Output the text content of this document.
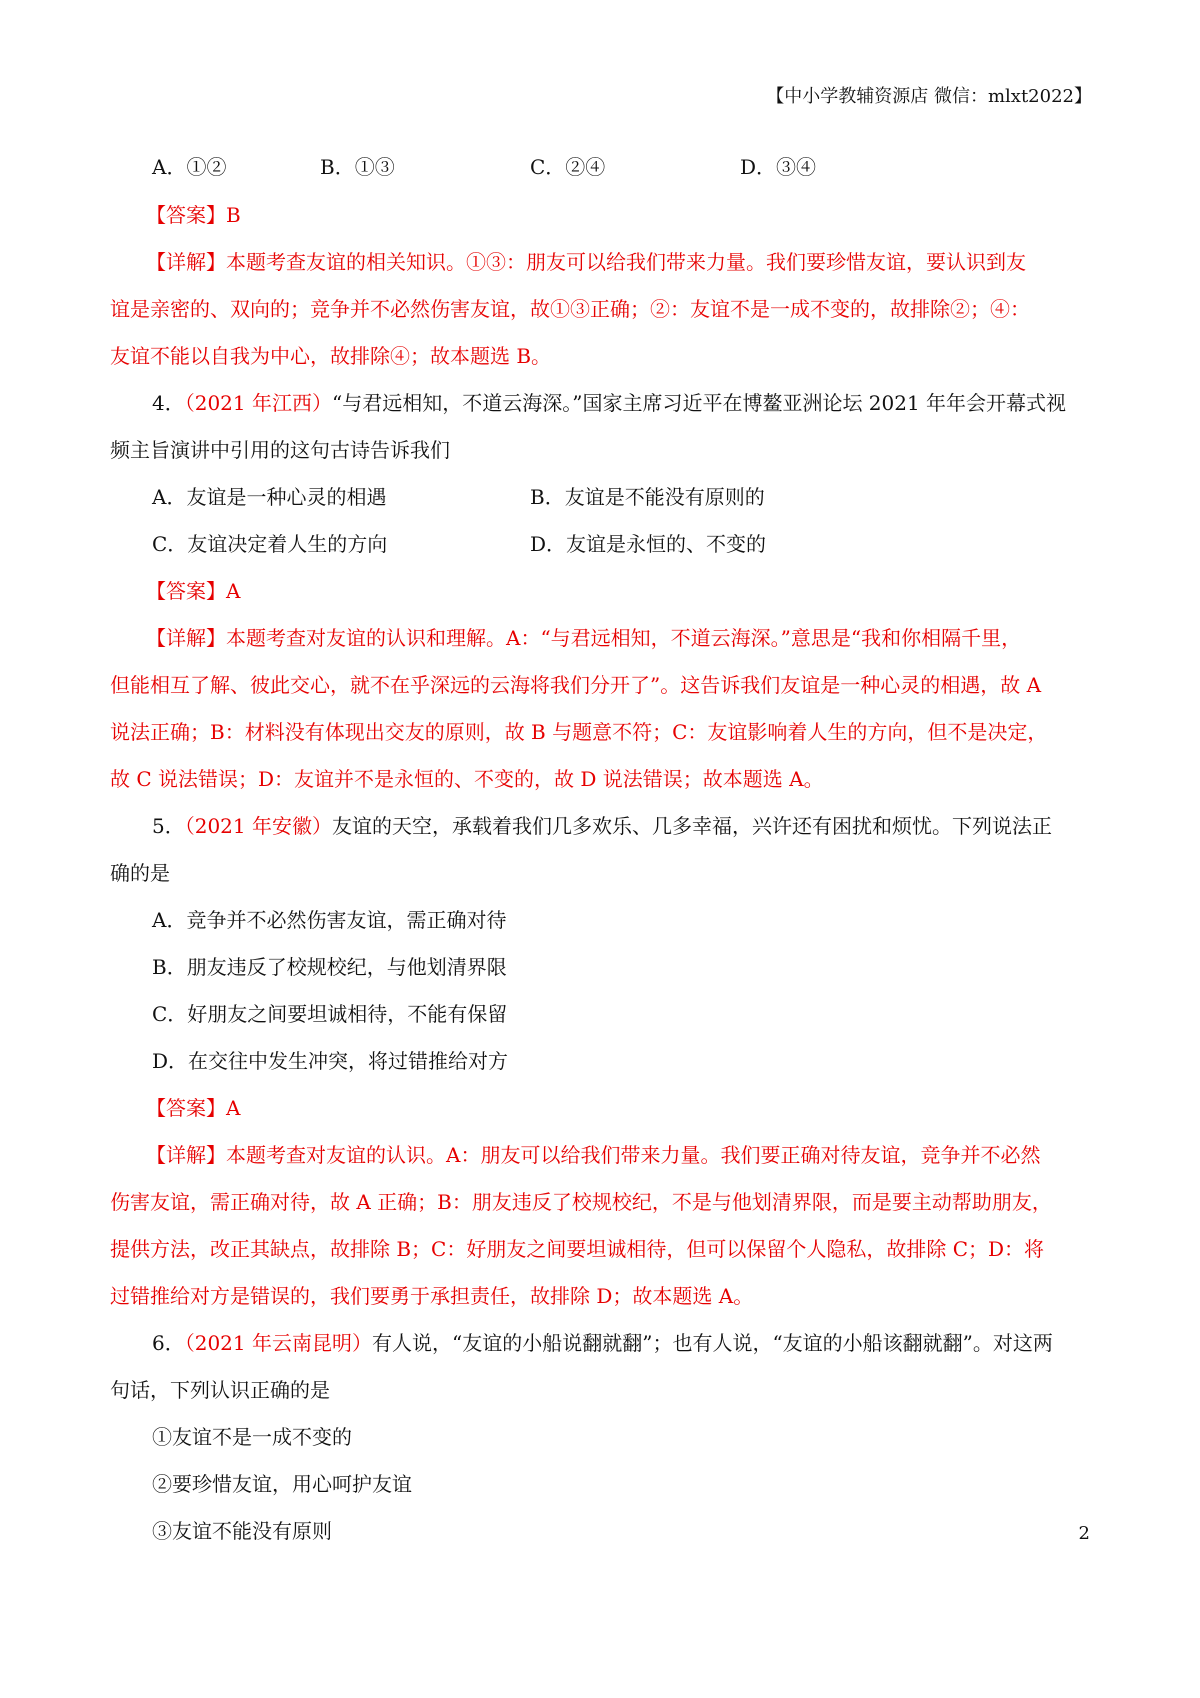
【中小学教辅资源店 微信：mlxt2022】
A．①②	B．①③	C．②④	D．③④
【答案】B
【详解】本题考查友谊的相关知识。①③：朋友可以给我们带来力量。我们要珍惜友谊，要认识到友
谊是亲密的、双向的；竞争并不必然伤害友谊，故①③正确；②：友谊不是一成不变的，故排除②；④：
友谊不能以自我为中心，故排除④；故本题选 B。
4．（2021 年江西）“与君远相知，不道云海深。”国家主席习近平在博鳌亚洲论坛 2021 年年会开幕式视
频主旨演讲中引用的这句古诗告诉我们
A．友谊是一种心灵的相遇	B．友谊是不能没有原则的
C．友谊决定着人生的方向	D．友谊是永恒的、不变的
【答案】A
【详解】本题考查对友谊的认识和理解。A：“与君远相知，不道云海深。”意思是“我和你相隔千里，
但能相互了解、彼此交心，就不在乎深远的云海将我们分开了”。这告诉我们友谊是一种心灵的相遇，故 A
说法正确；B：材料没有体现出交友的原则，故 B 与题意不符；C：友谊影响着人生的方向，但不是决定，
故 C 说法错误；D：友谊并不是永恒的、不变的，故 D 说法错误；故本题选 A。
5．（2021 年安徽）友谊的天空，承载着我们几多欢乐、几多幸福，兴许还有困扰和烦忧。下列说法正
确的是
A．竞争并不必然伤害友谊，需正确对待
B．朋友违反了校规校纪，与他划清界限
C．好朋友之间要坦诚相待，不能有保留
D．在交往中发生冲突，将过错推给对方
【答案】A
【详解】本题考查对友谊的认识。A：朋友可以给我们带来力量。我们要正确对待友谊，竞争并不必然
伤害友谊，需正确对待，故 A 正确；B：朋友违反了校规校纪，不是与他划清界限，而是要主动帮助朋友，
提供方法，改正其缺点，故排除 B；C：好朋友之间要坦诚相待，但可以保留个人隐私，故排除 C；D：将
过错推给对方是错误的，我们要勇于承担责任，故排除 D；故本题选 A。
6．（2021 年云南昆明）有人说，“友谊的小船说翻就翻”；也有人说，“友谊的小船该翻就翻”。对这两
句话，下列认识正确的是
①友谊不是一成不变的
②要珍惜友谊，用心呵护友谊
③友谊不能没有原则	2
